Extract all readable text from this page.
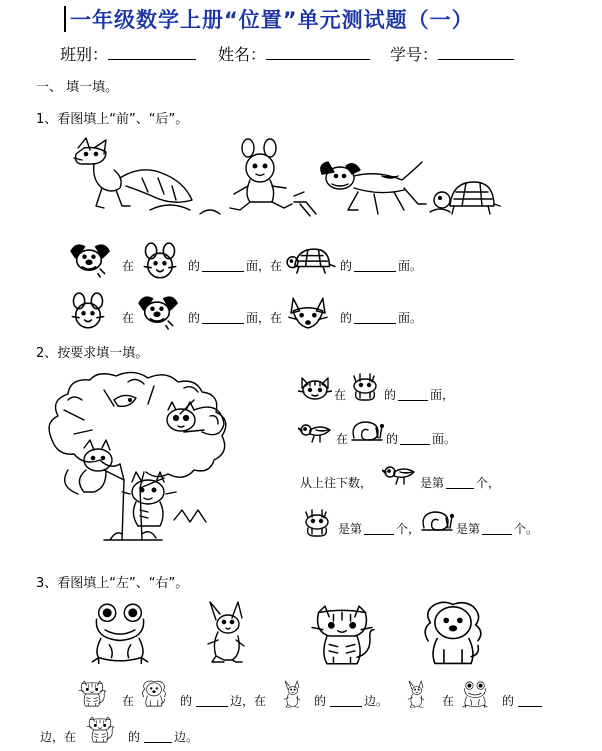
一年级数学上册“位置”单元测试题（一）
班别：	姓名：	学号：
一、 填一填。
1、看图填上“前”、“后”。
在	的	面，在	的	面。
在	的	面，在	的	面。
2、按要求填一填。
在	的	面，
在	的	面。
从上往下数，	是第	个，
是第	个，	是第	个。
3、看图填上“左”、“右”。
在	的	边，在	的	边。	在	的
边，在	的	边。
